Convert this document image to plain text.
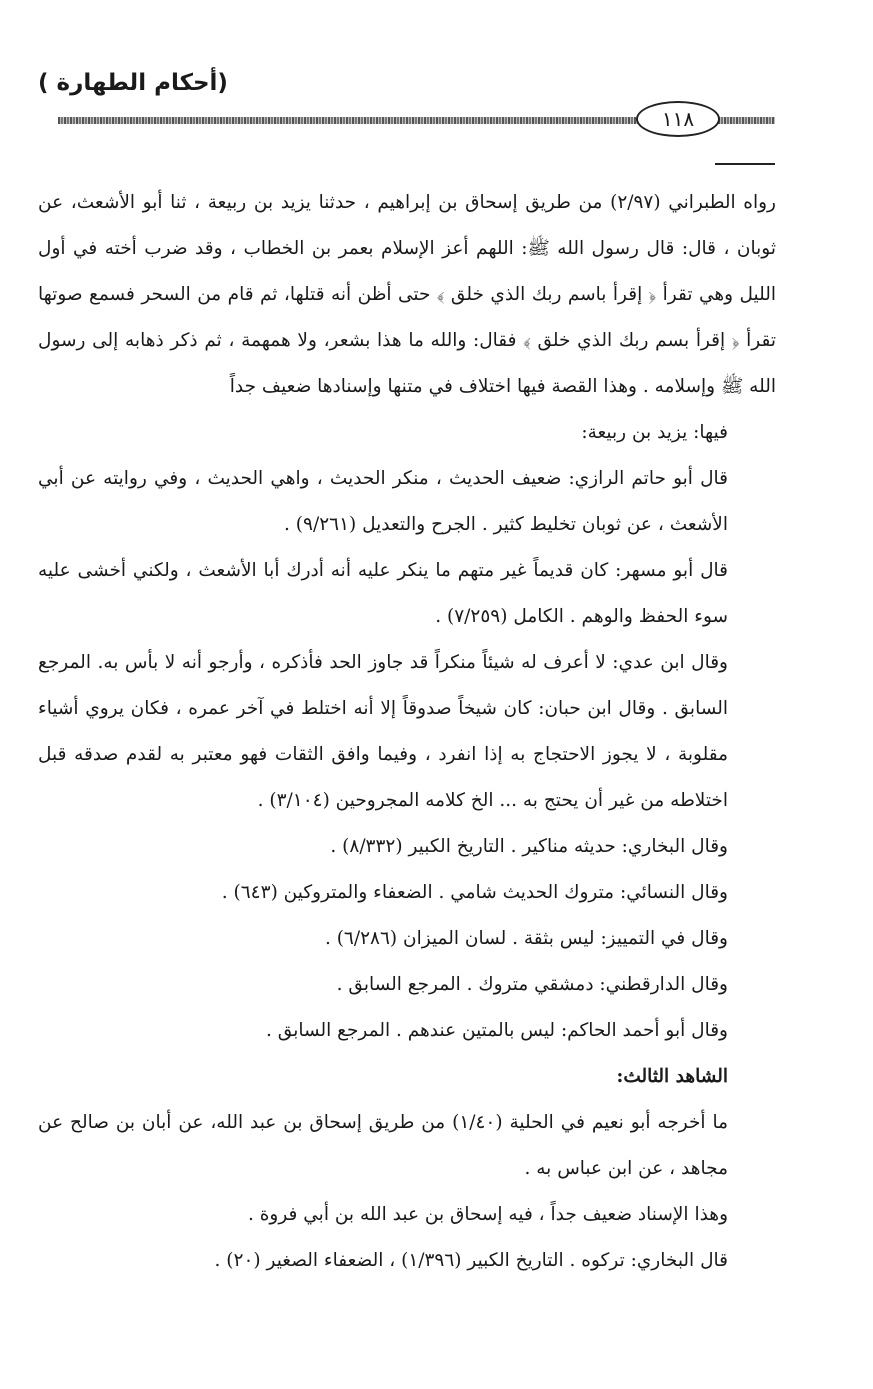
(أحكام الطهارة )
١١٨

رواه الطبراني (٢/٩٧) من طريق إسحاق بن إبراهيم ، حدثنا يزيد بن ربيعة ، ثنا أبو الأشعث، عن ثوبان ، قال: قال رسول الله ﷺ: اللهم أعز الإسلام بعمر بن الخطاب ، وقد ضرب أخته في أول الليل وهي تقرأ ﴿ إقرأ باسم ربك الذي خلق ﴾ حتى أظن أنه قتلها، ثم قام من السحر فسمع صوتها تقرأ ﴿ إقرأ بسم ربك الذي خلق ﴾ فقال: والله ما هذا بشعر، ولا همهمة ، ثم ذكر ذهابه إلى رسول الله ﷺ وإسلامه . وهذا القصة فيها اختلاف في متنها وإسنادها ضعيف جداً

فيها: يزيد بن ربيعة:

قال أبو حاتم الرازي: ضعيف الحديث ، منكر الحديث ، واهي الحديث ، وفي روايته عن أبي الأشعث ، عن ثوبان تخليط كثير . الجرح والتعديل (٩/٢٦١) .

قال أبو مسهر: كان قديماً غير متهم ما ينكر عليه أنه أدرك أبا الأشعث ، ولكني أخشى عليه سوء الحفظ والوهم . الكامل (٧/٢٥٩) .

وقال ابن عدي: لا أعرف له شيئاً منكراً قد جاوز الحد فأذكره ، وأرجو أنه لا بأس به. المرجع السابق . وقال ابن حبان: كان شيخاً صدوقاً إلا أنه اختلط في آخر عمره ، فكان يروي أشياء مقلوبة ، لا يجوز الاحتجاج به إذا انفرد ، وفيما وافق الثقات فهو معتبر به لقدم صدقه قبل اختلاطه من غير أن يحتج به ... الخ كلامه المجروحين (٣/١٠٤) .

وقال البخاري: حديثه مناكير . التاريخ الكبير (٨/٣٣٢) .

وقال النسائي: متروك الحديث شامي . الضعفاء والمتروكين (٦٤٣) .

وقال في التمييز: ليس بثقة . لسان الميزان (٦/٢٨٦) .

وقال الدارقطني: دمشقي متروك . المرجع السابق .

وقال أبو أحمد الحاكم: ليس بالمتين عندهم . المرجع السابق .

الشاهد الثالث:

ما أخرجه أبو نعيم في الحلية (١/٤٠) من طريق إسحاق بن عبد الله، عن أبان بن صالح عن مجاهد ، عن ابن عباس به .

وهذا الإسناد ضعيف جداً ، فيه إسحاق بن عبد الله بن أبي فروة .

قال البخاري: تركوه . التاريخ الكبير (١/٣٩٦) ، الضعفاء الصغير (٢٠) .
